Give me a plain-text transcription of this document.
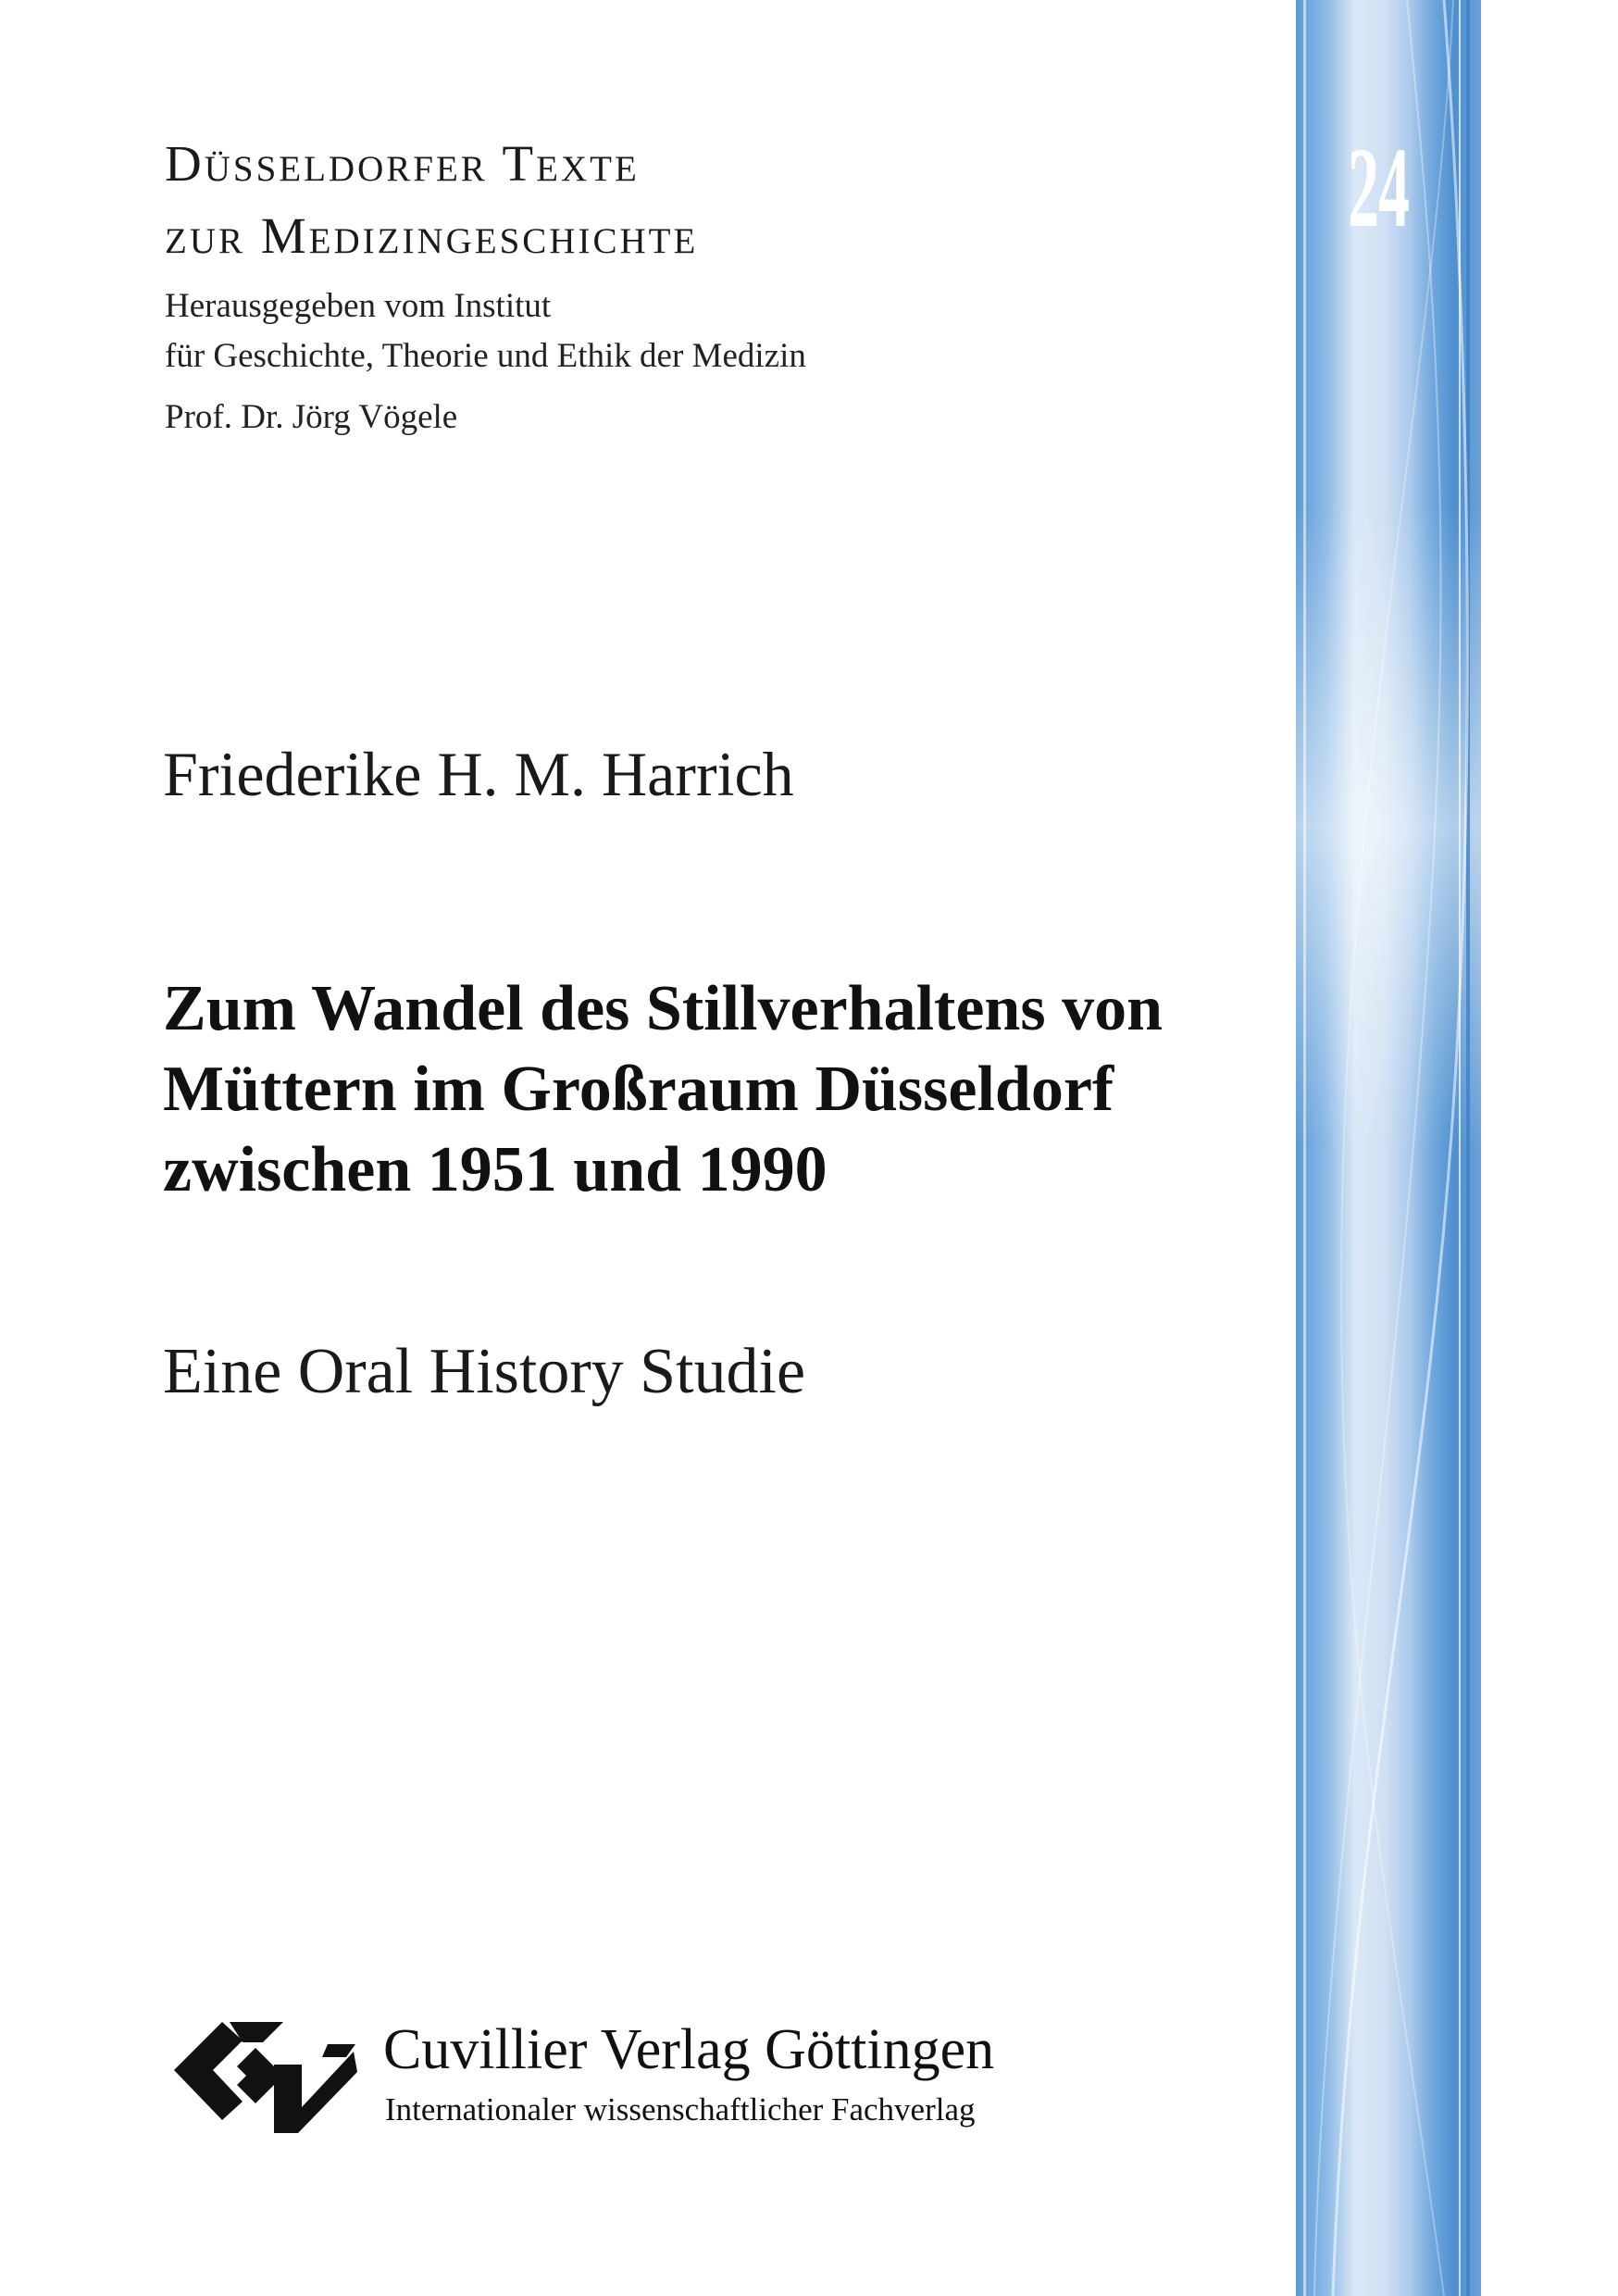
Düsseldorfer Texte
zur Medizingeschichte
Herausgegeben vom Institut
für Geschichte, Theorie und Ethik der Medizin
Prof. Dr. Jörg Vögele
Friederike H. M. Harrich
Zum Wandel des Stillverhaltens von
Müttern im Großraum Düsseldorf
zwischen 1951 und 1990
Eine Oral History Studie
Cuvillier Verlag Göttingen
Internationaler wissenschaftlicher Fachverlag
24
